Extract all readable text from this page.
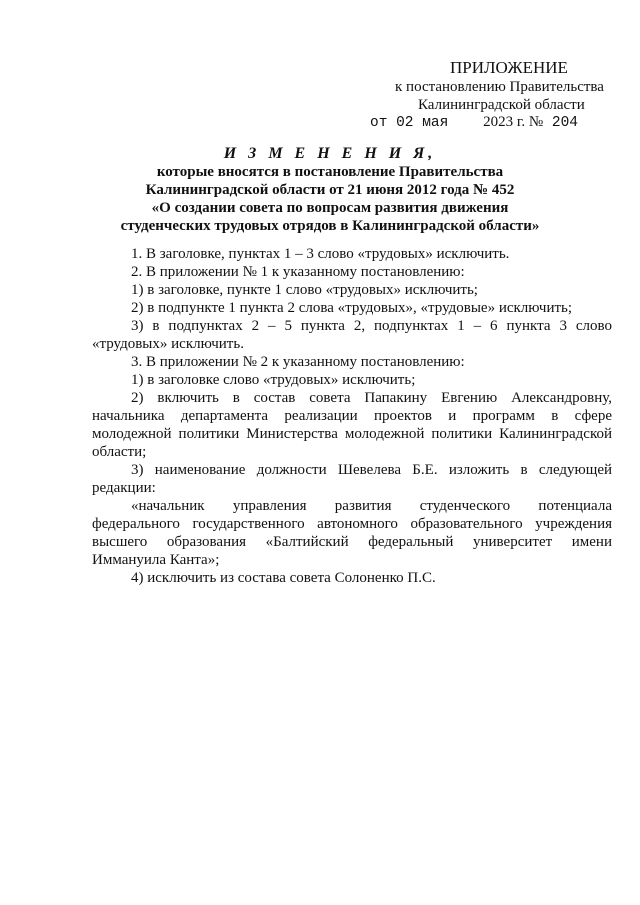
ПРИЛОЖЕНИЕ
к постановлению Правительства
Калининградской области
от 02 мая 2023 г. № 204
И З М Е Н Е Н И Я,
которые вносятся в постановление Правительства
Калининградской области от 21 июня 2012 года № 452
«О создании совета по вопросам развития движения
студенческих трудовых отрядов в Калининградской области»
1. В заголовке, пунктах 1 – 3 слово «трудовых» исключить.
2. В приложении № 1 к указанному постановлению:
1) в заголовке, пункте 1 слово «трудовых» исключить;
2) в подпункте 1 пункта 2 слова «трудовых», «трудовые» исключить;
3) в подпунктах 2 – 5 пункта 2, подпунктах 1 – 6 пункта 3 слово
«трудовых» исключить.
3. В приложении № 2 к указанному постановлению:
1) в заголовке слово «трудовых» исключить;
2) включить в состав совета Папакину Евгению Александровну,
начальника департамента реализации проектов и программ в сфере
молодежной политики Министерства молодежной политики Калининградской
области;
3) наименование должности Шевелева Б.Е. изложить в следующей
редакции:
«начальник управления развития студенческого потенциала
федерального государственного автономного образовательного учреждения
высшего образования «Балтийский федеральный университет имени
Иммануила Канта»;
4) исключить из состава совета Солоненко П.С.
